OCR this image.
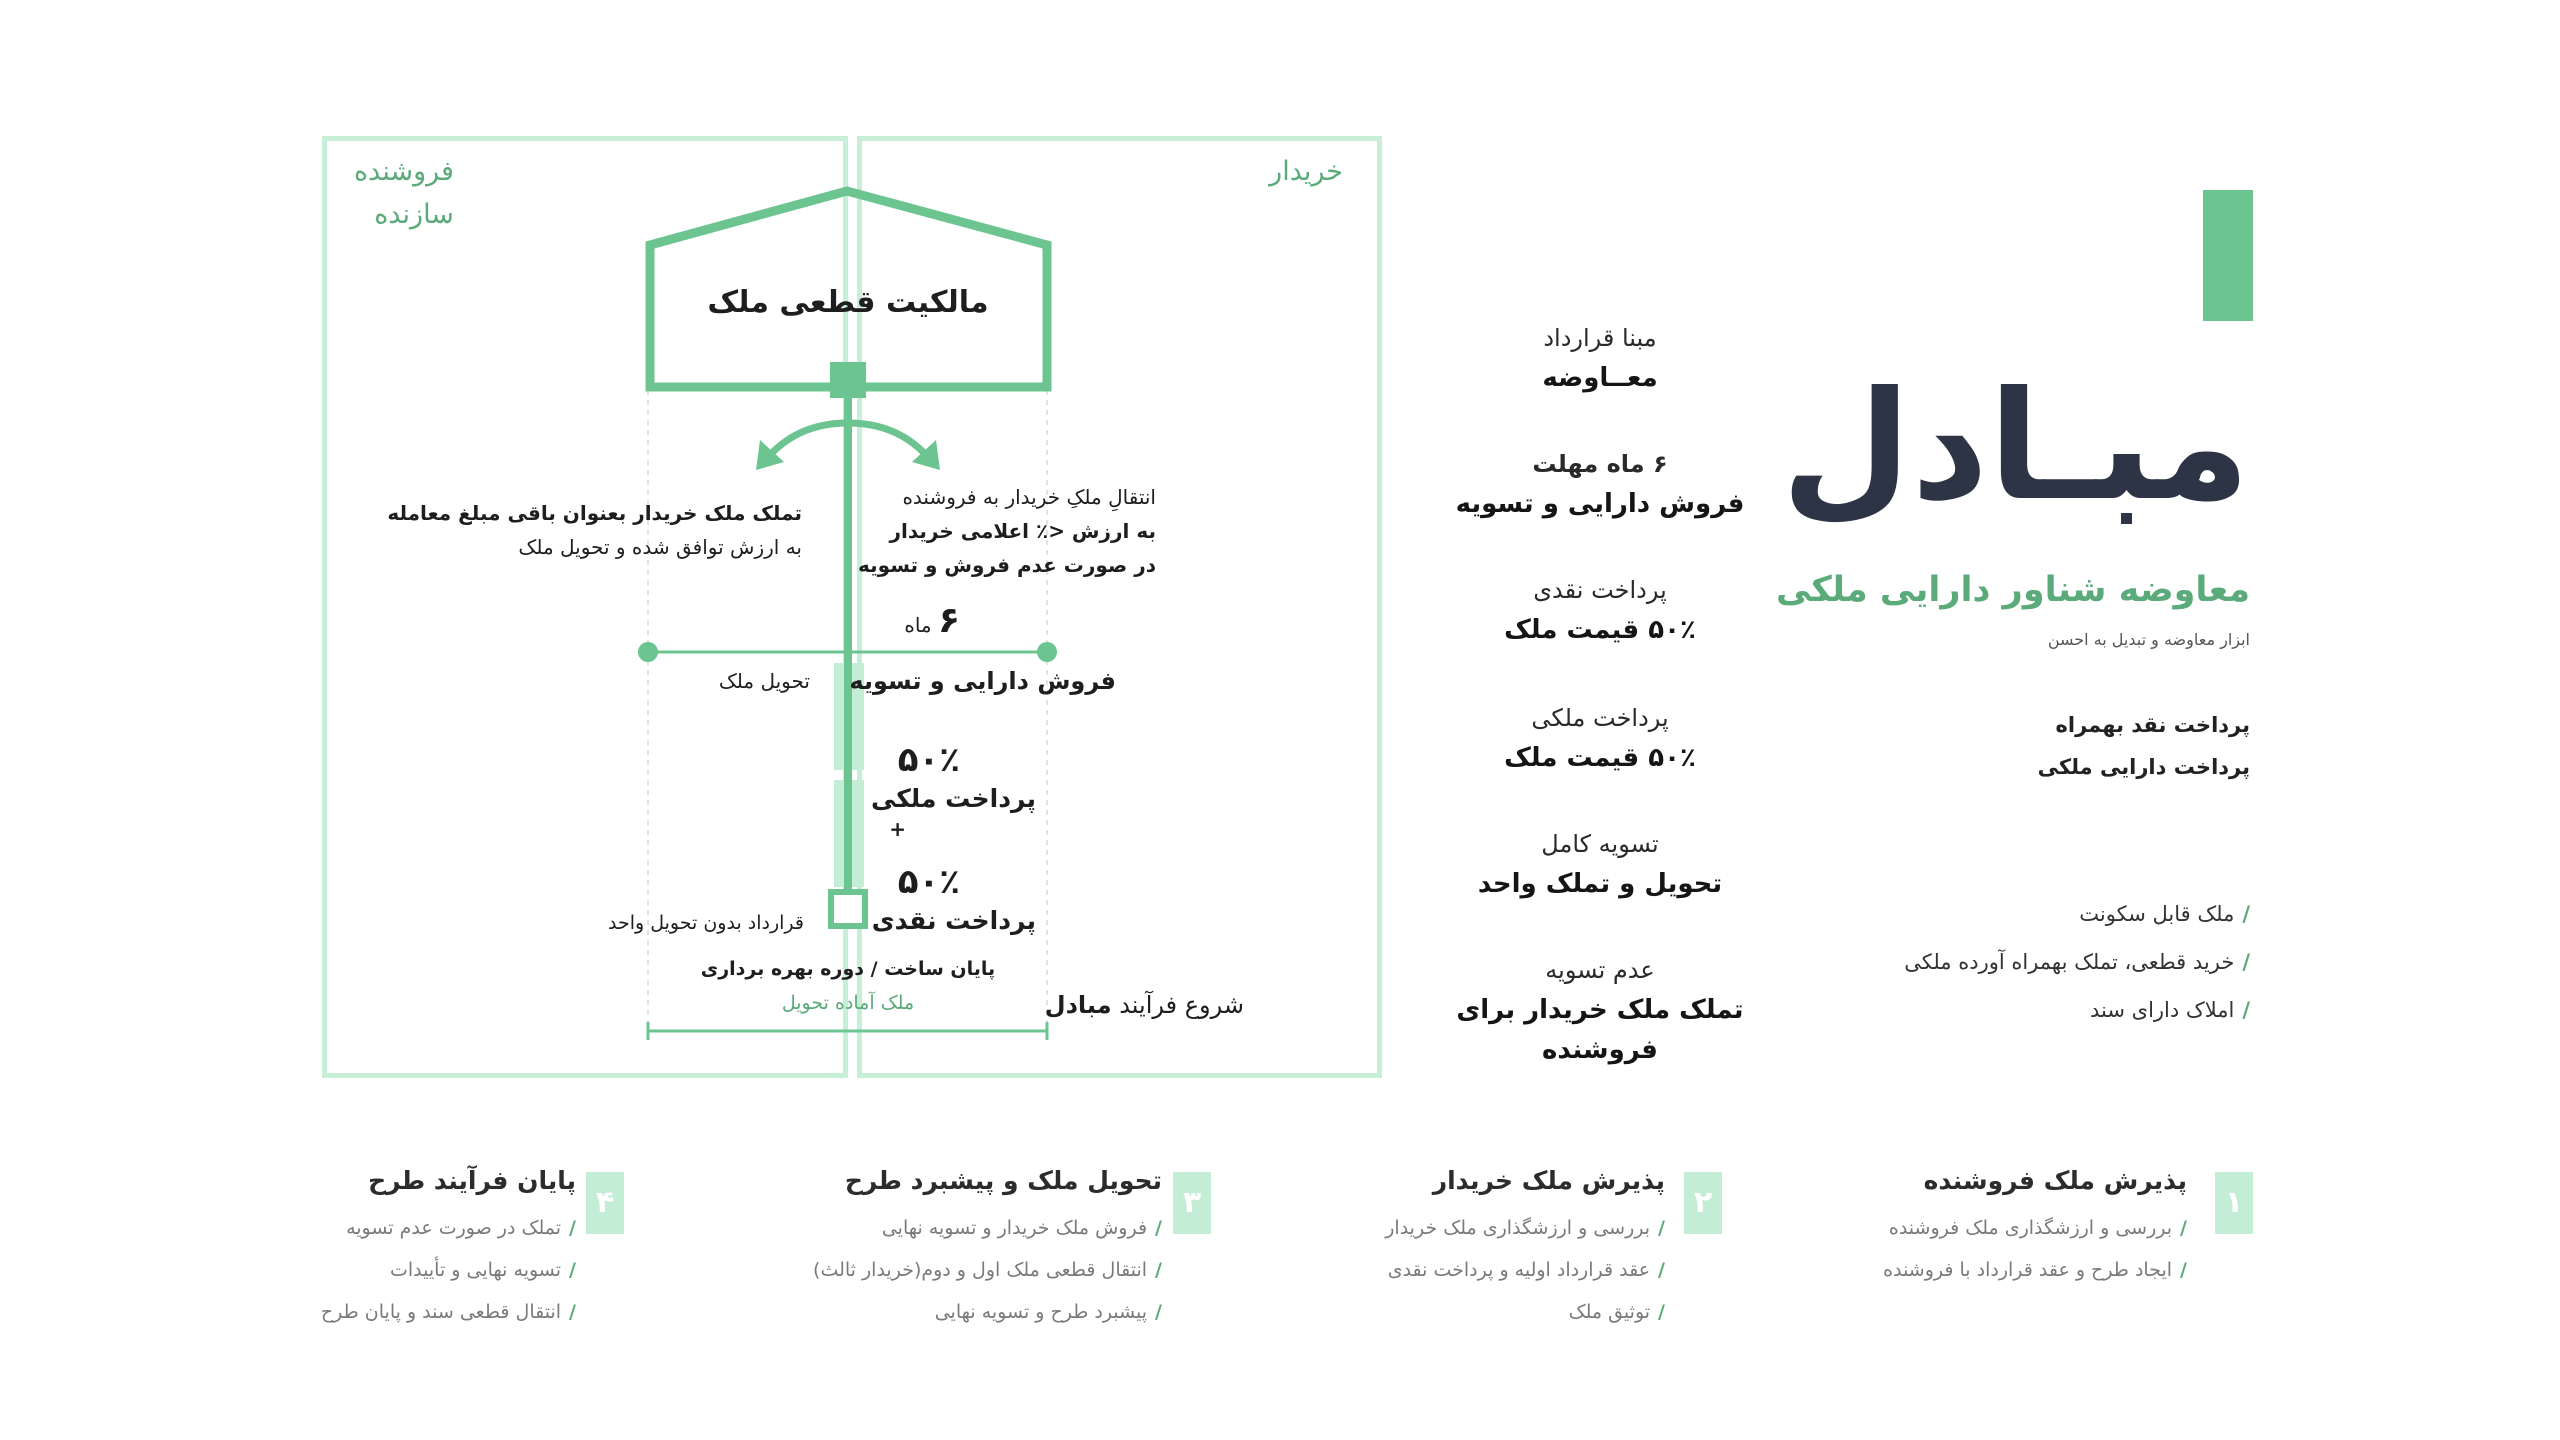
مبـادل
معاوضه شناور دارایی ملکی
ابزار معاوضه و تبدیل به احسن
پرداخت نقد بهمراه
پرداخت دارایی ملکی
/ملک قابل سکونت
/خرید قطعی، تملک بهمراه آورده ملکی
/املاک دارای سند
مبنا قرارداد
معــاوضه
۶ ماه مهلت
فروش دارایی و تسویه
پرداخت نقدی
۵۰٪ قیمت ملک
پرداخت ملکی
۵۰٪ قیمت ملک
تسویه کامل
تحویل و تملک واحد
عدم تسویه
تملک ملک خریدار برای فروشنده
فروشنده
سازنده
خریدار
مالکیت قطعی ملک
تملک ملک خریدار بعنوان باقی مبلغ معامله
به ارزش توافق شده و تحویل ملک
انتقالِ ملکِ خریدار به فروشنده
به ارزش <٪ اعلامی خریدار
در صورت عدم فروش و تسویه
۶ ماه
فروش دارایی و تسویه
تحویل ملک
۵۰٪
پرداخت ملکی
+
۵۰٪
پرداخت نقدی
قرارداد بدون تحویل واحد
پایان ساخت / دوره بهره برداری
ملک آماده تحویل	شروع فرآیند مبادل
۱
پذیرش ملک فروشنده
/بررسی و ارزشگذاری ملک فروشنده
/ایجاد طرح و عقد قرارداد با فروشنده
۲
پذیرش ملک خریدار
/بررسی و ارزشگذاری ملک خریدار
/عقد قرارداد اولیه و پرداخت نقدی
/توثیق ملک
۳
تحویل ملک و پیشبرد طرح
/فروش ملک خریدار و تسویه نهایی
/انتقال قطعی ملک اول و دوم(خریدار ثالث)
/پیشبرد طرح و تسویه نهایی
۴
پایان فرآیند طرح
/تملک در صورت عدم تسویه
/تسویه نهایی و تأییدات
/انتقال قطعی سند و پایان طرح
